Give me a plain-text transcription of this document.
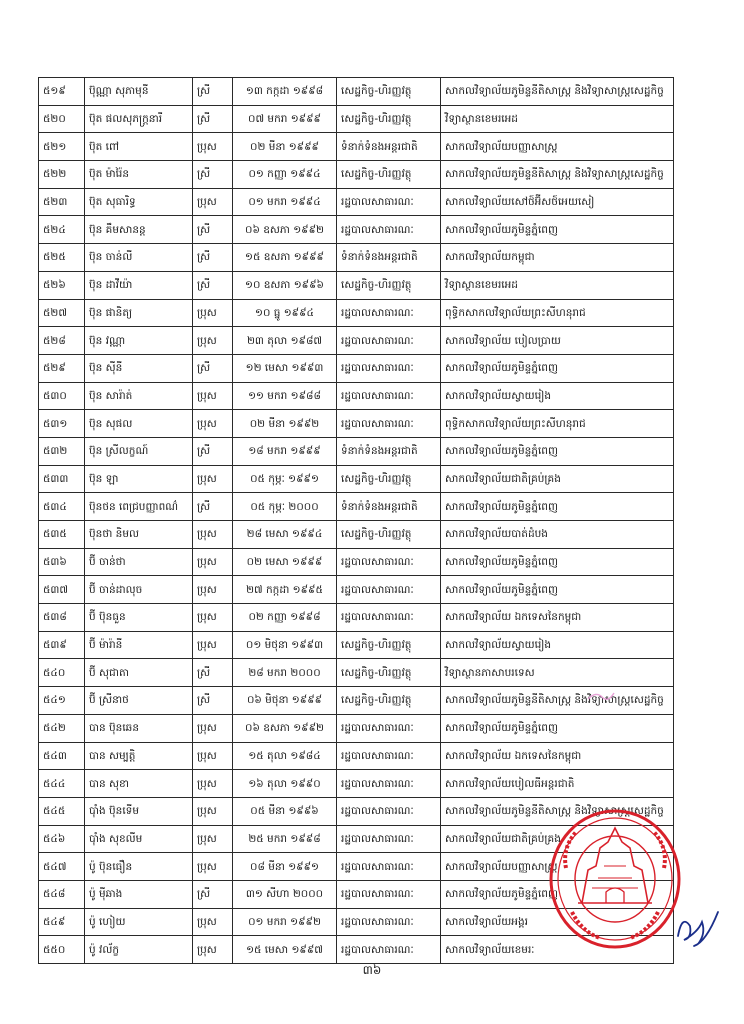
៥១៩	ប៊ុណ្ណា សុភាមុនី	ស្រី	១៣ កក្កដា ១៩៩៨	សេដ្ឋកិច្ច-ហិរញ្ញវត្ថុ	សាកលវិទ្យាល័យភូមិន្ទនីតិសាស្ត្រ និងវិទ្យាសាស្ត្រសេដ្ឋកិច្ច
៥២០	ប៊ុត ផលសុភក្ត្រនារី	ស្រី	០៧ មករា ១៩៩៩	សេដ្ឋកិច្ច-ហិរញ្ញវត្ថុ	វិទ្យាស្ថានខេមរអេដ
៥២១	ប៊ុត ពៅ	ប្រុស	០២ មីនា ១៩៩៩	ទំនាក់ទំនងអន្តរជាតិ	សាកលវិទ្យាល័យបញ្ញាសាស្ត្រ
៥២២	ប៊ុត ម៉ារ៉ៃន	ស្រី	០១ កញ្ញា ១៩៩៤	សេដ្ឋកិច្ច-ហិរញ្ញវត្ថុ	សាកលវិទ្យាល័យភូមិន្ទនីតិសាស្ត្រ និងវិទ្យាសាស្ត្រសេដ្ឋកិច្ច
៥២៣	ប៊ុត សុធារិទ្ធ	ប្រុស	០១ មករា ១៩៩៤	រដ្ឋបាលសាធារណៈ	សាកលវិទ្យាល័យសៅថ៍អ៊ីសថ៍អេយសៀ
៥២៤	ប៊ុន គឹមសានន្ត	ស្រី	០៦ ឧសភា ១៩៩២	រដ្ឋបាលសាធារណៈ	សាកលវិទ្យាល័យភូមិន្ទភ្នំពេញ
៥២៥	ប៊ុន ចាន់លី	ស្រី	១៥ ឧសភា ១៩៩៩	ទំនាក់ទំនងអន្តរជាតិ	សាកលវិទ្យាល័យកម្ពុជា
៥២៦	ប៊ុន ដាវីយ៉ា	ស្រី	១០ ឧសភា ១៩៩៦	សេដ្ឋកិច្ច-ហិរញ្ញវត្ថុ	វិទ្យាស្ថានខេមរអេដ
៥២៧	ប៊ុន ផានិត្យ	ប្រុស	១០ ធ្នូ ១៩៩៤	រដ្ឋបាលសាធារណៈ	ពុទ្ធិកសាកលវិទ្យាល័យព្រះសីហនុរាជ
៥២៨	ប៊ុន វណ្ណា	ប្រុស	២៣ តុលា ១៩៨៧	រដ្ឋបាលសាធារណៈ	សាកលវិទ្យាល័យ បៀលប្រាយ
៥២៩	ប៊ុន ស៊ីនី	ស្រី	១២ មេសា ១៩៩៣	រដ្ឋបាលសាធារណៈ	សាកលវិទ្យាល័យភូមិន្ទភ្នំពេញ
៥៣០	ប៊ុន សារ៉ាត់	ប្រុស	១១ មករា ១៩៨៨	រដ្ឋបាលសាធារណៈ	សាកលវិទ្យាល័យស្វាយរៀង
៥៣១	ប៊ុន សុផល	ប្រុស	០២ មីនា ១៩៩២	រដ្ឋបាលសាធារណៈ	ពុទ្ធិកសាកលវិទ្យាល័យព្រះសីហនុរាជ
៥៣២	ប៊ុន ស្រីលក្ខណ៍	ស្រី	១៨ មករា ១៩៩៩	ទំនាក់ទំនងអន្តរជាតិ	សាកលវិទ្យាល័យភូមិន្ទភ្នំពេញ
៥៣៣	ប៊ុន ឡា	ប្រុស	០៥ កុម្ភៈ ១៩៩១	សេដ្ឋកិច្ច-ហិរញ្ញវត្ថុ	សាកលវិទ្យាល័យជាតិគ្រប់គ្រង
៥៣៤	ប៊ុនថន ពេជ្របញ្ញាពណ៌	ស្រី	០៥ កុម្ភៈ ២០០០	ទំនាក់ទំនងអន្តរជាតិ	សាកលវិទ្យាល័យភូមិន្ទភ្នំពេញ
៥៣៥	ប៊ុនថា និមល	ប្រុស	២៨ មេសា ១៩៩៤	សេដ្ឋកិច្ច-ហិរញ្ញវត្ថុ	សាកលវិទ្យាល័យបាត់ដំបង
៥៣៦	ប៊ី ចាន់ថា	ប្រុស	០២ មេសា ១៩៩៩	រដ្ឋបាលសាធារណៈ	សាកលវិទ្យាល័យភូមិន្ទភ្នំពេញ
៥៣៧	ប៊ី ចាន់ដាលុច	ប្រុស	២៧ កក្កដា ១៩៩៥	រដ្ឋបាលសាធារណៈ	សាកលវិទ្យាល័យភូមិន្ទភ្នំពេញ
៥៣៨	ប៊ី ប៊ុនធួន	ប្រុស	០២ កញ្ញា ១៩៩៨	រដ្ឋបាលសាធារណៈ	សាកលវិទ្យាល័យ ឯកទេសនៃកម្ពុជា
៥៣៩	ប៊ី ម៉ារ៉ានី	ប្រុស	០១ មិថុនា ១៩៩៣	សេដ្ឋកិច្ច-ហិរញ្ញវត្ថុ	សាកលវិទ្យាល័យស្វាយរៀង
៥៤០	ប៊ី សុជាតា	ស្រី	២៨ មករា ២០០០	សេដ្ឋកិច្ច-ហិរញ្ញវត្ថុ	វិទ្យាស្ថានភាសាបរទេស
៥៤១	ប៊ី ស្រីនាថ	ស្រី	០៦ មិថុនា ១៩៩៩	សេដ្ឋកិច្ច-ហិរញ្ញវត្ថុ	សាកលវិទ្យាល័យភូមិន្ទនីតិសាស្ត្រ និងវិទ្យាសាស្ត្រសេដ្ឋកិច្ច
៥៤២	បាន ប៊ុនឆេន	ប្រុស	០៦ ឧសភា ១៩៩២	រដ្ឋបាលសាធារណៈ	សាកលវិទ្យាល័យភូមិន្ទភ្នំពេញ
៥៤៣	បាន សម្បត្តិ	ប្រុស	១៥ តុលា ១៩៨៤	រដ្ឋបាលសាធារណៈ	សាកលវិទ្យាល័យ ឯកទេសនៃកម្ពុជា
៥៤៤	បាន សុខា	ប្រុស	១៦ តុលា ១៩៩០	រដ្ឋបាលសាធារណៈ	សាកលវិទ្យាល័យបៀលធីអន្តរជាតិ
៥៤៥	ប៉ាំង ប៊ុនទើម	ប្រុស	០៥ មីនា ១៩៩៦	រដ្ឋបាលសាធារណៈ	សាកលវិទ្យាល័យភូមិន្ទនីតិសាស្ត្រ និងវិទ្យាសាស្ត្រសេដ្ឋកិច្ច
៥៤៦	ប៉ាំង សុខលីម	ប្រុស	២៥ មករា ១៩៩៨	រដ្ឋបាលសាធារណៈ	សាកលវិទ្យាល័យជាតិគ្រប់គ្រង
៥៤៧	ប៉ូ ប៊ុនធឿន	ប្រុស	០៨ មីនា ១៩៩១	រដ្ឋបាលសាធារណៈ	សាកលវិទ្យាល័យបញ្ញាសាស្ត្រ
៥៤៨	ប៉ូ ម៉ីឆាង	ស្រី	៣១ សីហា ២០០០	រដ្ឋបាលសាធារណៈ	សាកលវិទ្យាល័យភូមិន្ទភ្នំពេញ
៥៤៩	ប៉ូ ហៀយ	ប្រុស	០១ មករា ១៩៩២	រដ្ឋបាលសាធារណៈ	សាកលវិទ្យាល័យអង្គរ
៥៥០	ប៉ូ វល័ក្ខ	ប្រុស	១៥ មេសា ១៩៩៧	រដ្ឋបាលសាធារណៈ	សាកលវិទ្យាល័យខេមរៈ
៣៦
